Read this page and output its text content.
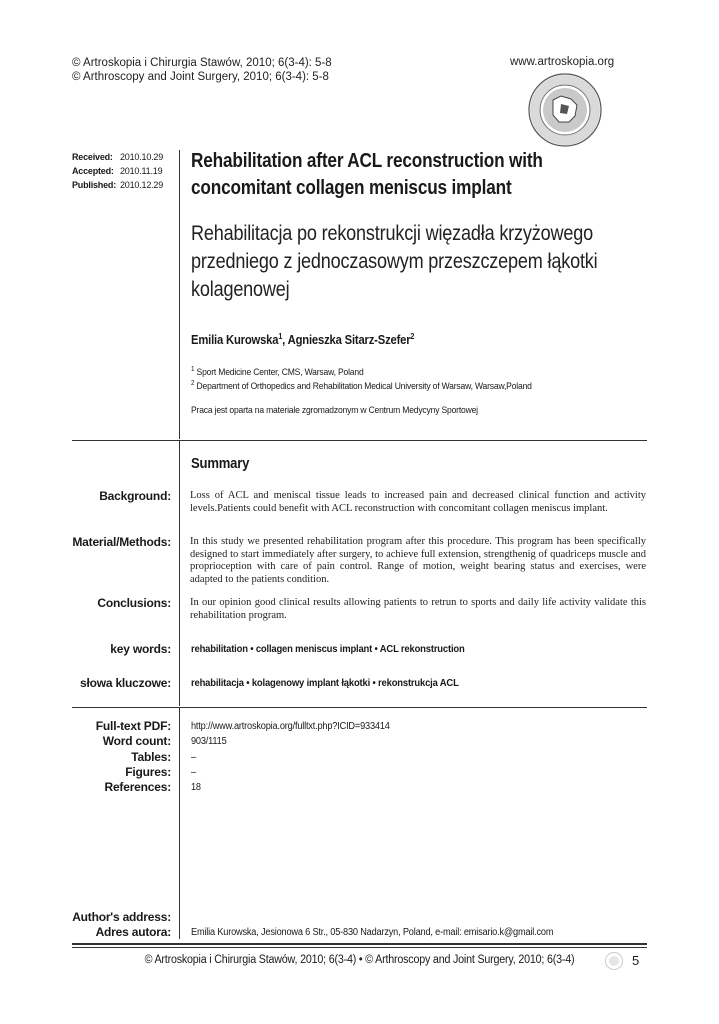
© Artroskopia i Chirurgia Stawów, 2010; 6(3-4): 5-8
© Arthroscopy and Joint Surgery, 2010; 6(3-4): 5-8
www.artroskopia.org
Received: 2010.10.29
Accepted: 2010.11.19
Published: 2010.12.29
Rehabilitation after ACL reconstruction with
concomitant collagen meniscus implant
Rehabilitacja po rekonstrukcji więzadła krzyżowego
przedniego z jednoczasowym przeszczepem łąkotki
kolagenowej
Emilia Kurowska$^1$, Agnieszka Sitarz-Szefer$^2$
$^1$ Sport Medicine Center, CMS, Warsaw, Poland
$^2$ Department of Orthopedics and Rehabilitation Medical University of Warsaw, Warsaw,Poland
Praca jest oparta na materiale zgromadzonym w Centrum Medycyny Sportowej
Summary
Background: Loss of ACL and meniscal tissue leads to increased pain and decreased clinical function and activity levels.Patients could benefit with ACL reconstruction with concomitant collagen meniscus implant.
Material/Methods: In this study we presented rehabilitation program after this procedure. This program has been specifically designed to start immediately after surgery, to achieve full extension, strengthenig of quadriceps muscle and proprioception with care of pain control. Range of motion, weight bearing status and exercises, were adapted to the patients condition.
Conclusions: In our opinion good clinical results allowing patients to retrun to sports and daily life activity validate this rehabilitation program.
key words: rehabilitation • collagen meniscus implant • ACL rekonstruction
słowa kluczowe: rehabilitacja • kolagenowy implant łąkotki • rekonstrukcja ACL
Full-text PDF:
Word count:
Tables:
Figures:
References:
http://www.artroskopia.org/fulltxt.php?ICID=933414
903/1115
–
–
18
Author's address:
Adres autora: Emilia Kurowska, Jesionowa 6 Str., 05-830 Nadarzyn, Poland, e-mail: emisario.k@gmail.com
© Artroskopia i Chirurgia Stawów, 2010; 6(3-4) • © Arthroscopy and Joint Surgery, 2010; 6(3-4)	5
